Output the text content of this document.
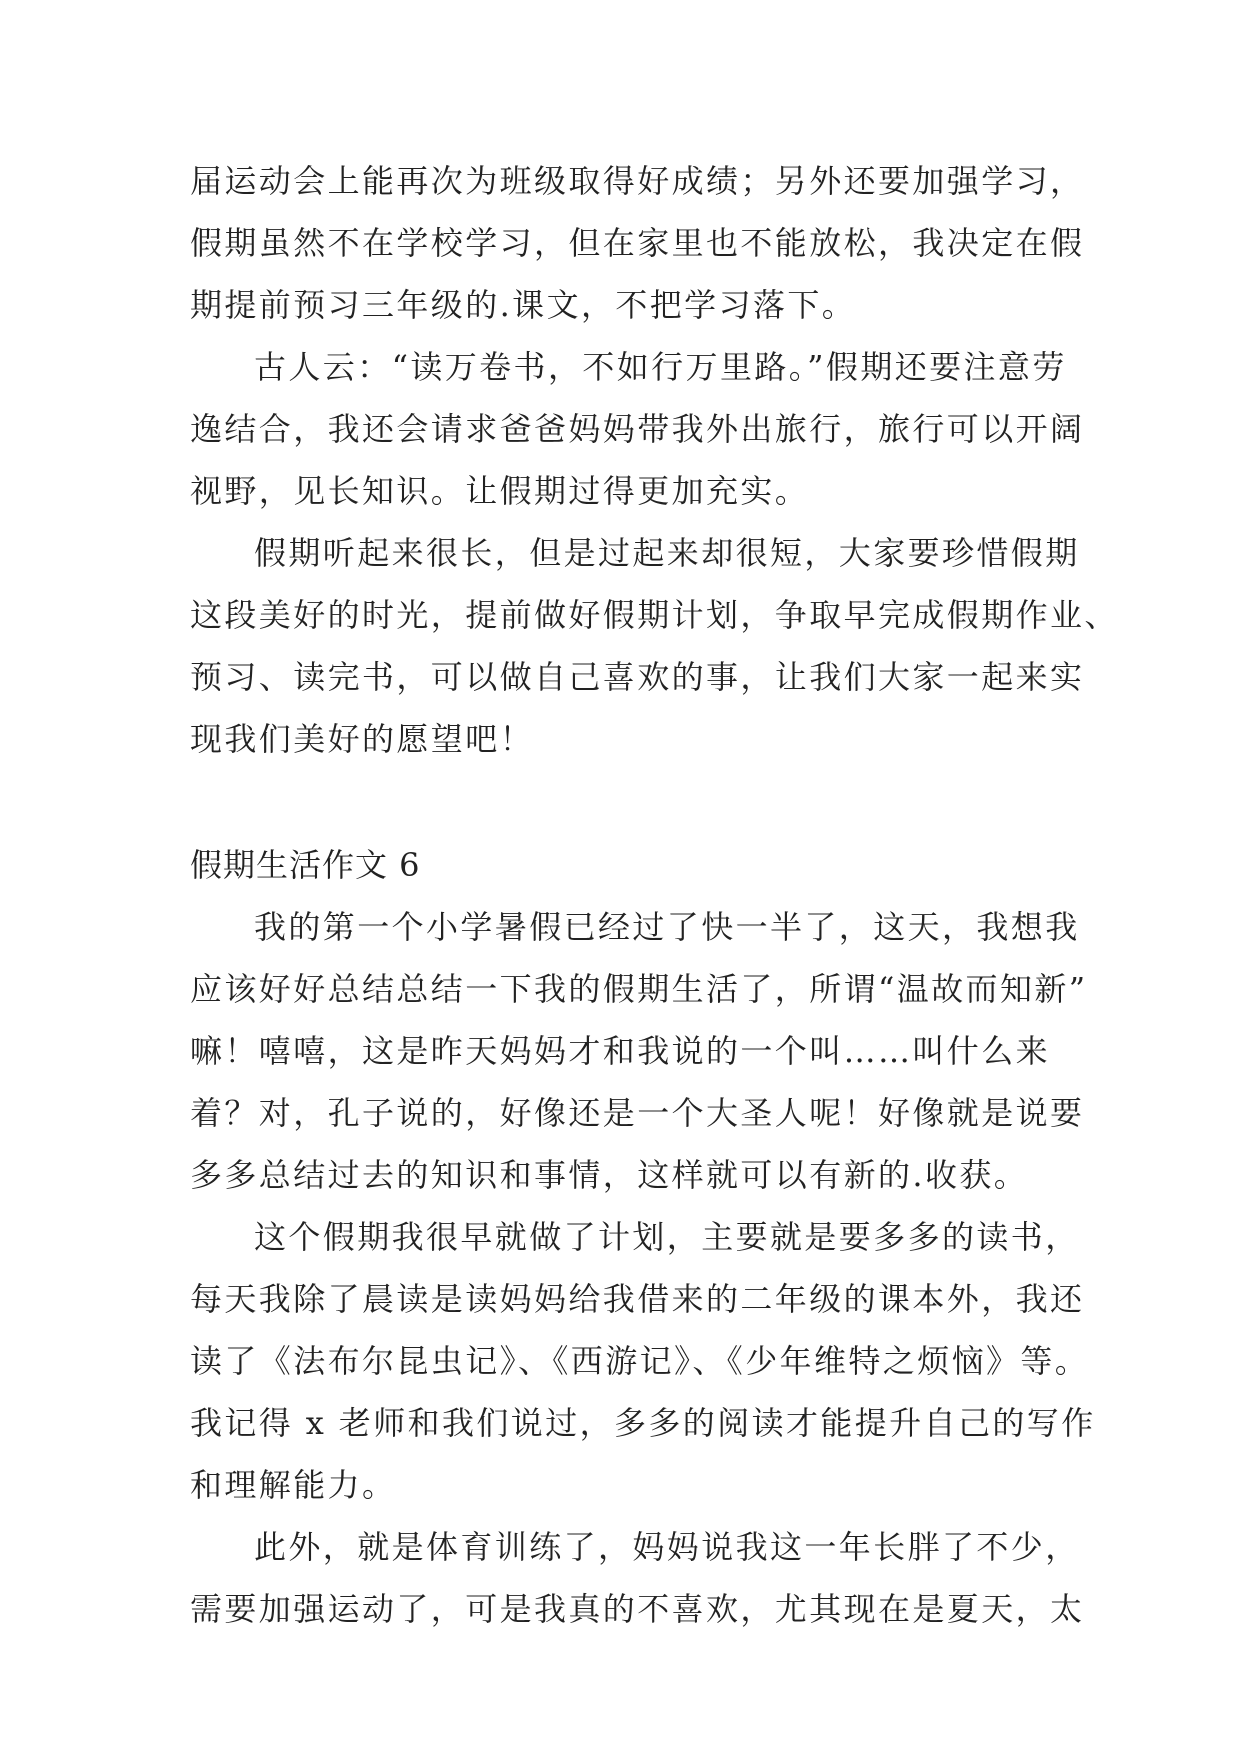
届运动会上能再次为班级取得好成绩；另外还要加强学习，
假期虽然不在学校学习，但在家里也不能放松，我决定在假
期提前预习三年级的.课文，不把学习落下。
古人云：“读万卷书，不如行万里路。”假期还要注意劳
逸结合，我还会请求爸爸妈妈带我外出旅行，旅行可以开阔
视野，见长知识。让假期过得更加充实。
假期听起来很长，但是过起来却很短，大家要珍惜假期
这段美好的时光，提前做好假期计划，争取早完成假期作业、
预习、读完书，可以做自己喜欢的事，让我们大家一起来实
现我们美好的愿望吧！
假期生活作文 6
我的第一个小学暑假已经过了快一半了，这天，我想我
应该好好总结总结一下我的假期生活了，所谓“温故而知新”
嘛！嘻嘻，这是昨天妈妈才和我说的一个叫……叫什么来
着？对，孔子说的，好像还是一个大圣人呢！好像就是说要
多多总结过去的知识和事情，这样就可以有新的.收获。
这个假期我很早就做了计划，主要就是要多多的读书，
每天我除了晨读是读妈妈给我借来的二年级的课本外，我还
读了《法布尔昆虫记》、《西游记》、《少年维特之烦恼》等。
我记得 x 老师和我们说过，多多的阅读才能提升自己的写作
和理解能力。
此外，就是体育训练了，妈妈说我这一年长胖了不少，
需要加强运动了，可是我真的不喜欢，尤其现在是夏天，太
